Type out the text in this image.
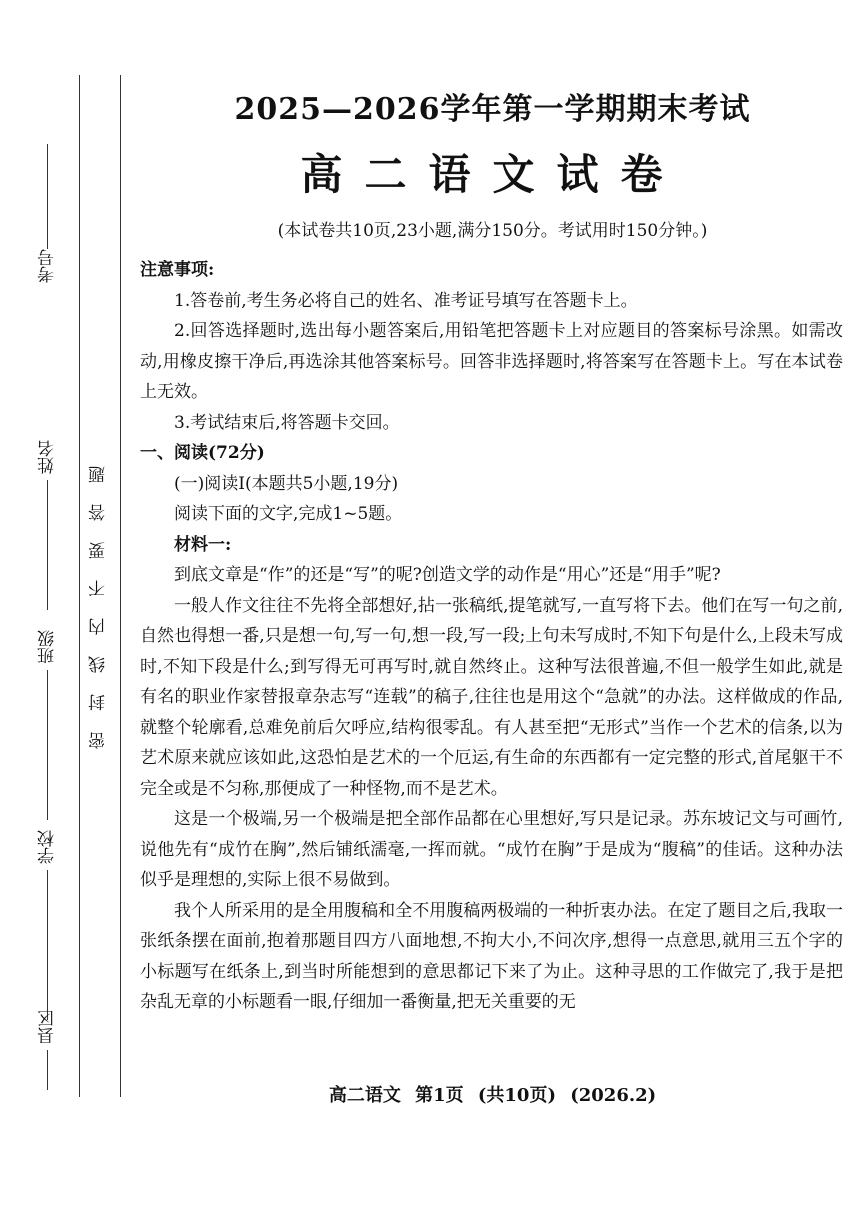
考号
姓名
班级
学校
县区
密封线内不要答题
2025—2026学年第一学期期末考试
高二语文试卷
(本试卷共10页,23小题,满分150分。考试用时150分钟。)

注意事项:

1.答卷前,考生务必将自己的姓名、准考证号填写在答题卡上。

2.回答选择题时,选出每小题答案后,用铅笔把答题卡上对应题目的答案标号涂黑。如需改动,用橡皮擦干净后,再选涂其他答案标号。回答非选择题时,将答案写在答题卡上。写在本试卷上无效。

3.考试结束后,将答题卡交回。

一、阅读(72分)

(一)阅读Ⅰ(本题共5小题,19分)

阅读下面的文字,完成1~5题。

材料一:

到底文章是“作”的还是“写”的呢?创造文学的动作是“用心”还是“用手”呢?

一般人作文往往不先将全部想好,拈一张稿纸,提笔就写,一直写将下去。他们在写一句之前,自然也得想一番,只是想一句,写一句,想一段,写一段;上句未写成时,不知下句是什么,上段未写成时,不知下段是什么;到写得无可再写时,就自然终止。这种写法很普遍,不但一般学生如此,就是有名的职业作家替报章杂志写“连载”的稿子,往往也是用这个“急就”的办法。这样做成的作品,就整个轮廓看,总难免前后欠呼应,结构很零乱。有人甚至把“无形式”当作一个艺术的信条,以为艺术原来就应该如此,这恐怕是艺术的一个厄运,有生命的东西都有一定完整的形式,首尾躯干不完全或是不匀称,那便成了一种怪物,而不是艺术。

这是一个极端,另一个极端是把全部作品都在心里想好,写只是记录。苏东坡记文与可画竹,说他先有“成竹在胸”,然后铺纸濡毫,一挥而就。“成竹在胸”于是成为“腹稿”的佳话。这种办法似乎是理想的,实际上很不易做到。

我个人所采用的是全用腹稿和全不用腹稿两极端的一种折衷办法。在定了题目之后,我取一张纸条摆在面前,抱着那题目四方八面地想,不拘大小,不问次序,想得一点意思,就用三五个字的小标题写在纸条上,到当时所能想到的意思都记下来了为止。这种寻思的工作做完了,我于是把杂乱无章的小标题看一眼,仔细加一番衡量,把无关重要的无

高二语文 第1页 (共10页) (2026.2)
